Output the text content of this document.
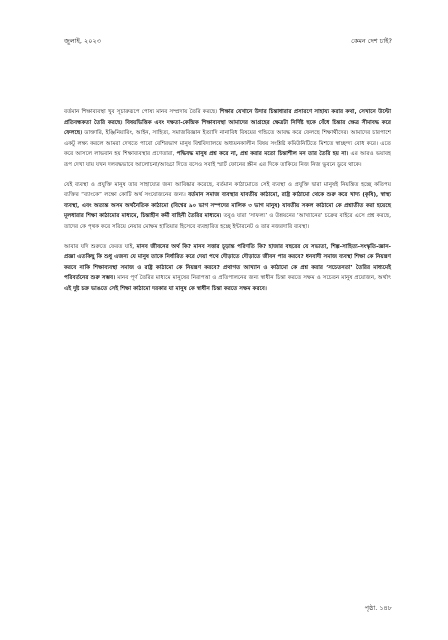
জুলাই, ২০২৩	কেমন দেশ চাই?

বর্তমান শিক্ষাব্যবস্থা খুব সূচারুরূপে পোষ্য মানব সম্প্রদায় তৈরি করছে। শিক্ষার যেখানে উদার চিন্তাধারার প্রসারণে সাহায্য করার কথা, সেখানে উল্টো প্রতিবন্ধকতা তৈরি করছে। বিষয়ভিত্তিক এবং দক্ষতা-কেন্দ্রিক শিক্ষাব্যবস্থা আমাদের আগ্রহের ক্ষেত্রটা নির্দিষ্ট ছকে বেঁধে চিন্তার ক্ষেত্র সীমাবদ্ধ করে ফেলছে। ডাক্তারি, ইঞ্জিনিয়ারিং, আইন, সাহিত্য, সমাজবিজ্ঞান ইত্যাদি নানাবিধ বিষয়ের গন্ডিতে আবদ্ধ করে ফেলছে শিক্ষার্থীদের। আমাদের চারপাশে একটু লক্ষ্য করলে আমরা দেখতে পাবো বেশিরভাগ মানুষ বিশ্ববিদ্যালয়ে অধ্যয়নকালীন বিষয় সংশ্লিষ্ট কমিউনিটিতে মিশতে স্বাচ্ছন্দ্য বোধ করে। এতে করে আসলে লাভবান হয় শিক্ষাব্যবস্থার প্রণেতারা, পদ্ধিবদ্ধ মানুষ প্রশ্ন করে না, প্রশ্ন করার মতো চিন্তাশীল মন তার তৈরি হয় না। এর আরও ভয়াবহ রূপ দেখা যায় যখন দলবদ্ধভাবে আলোচনা/আড্ডা দিতে বসেও সবাই স্মার্ট ফোনের স্ক্রীন এর দিকে তাকিয়ে নিজ নিজ ভুবনে ডুবে থাকে।

যেই ব্যবস্থা ও প্রযুক্তি মানুষ তার সাহায্যের জন্য আবিষ্কার করেছে, বর্তমান কাঠামোতে সেই ব্যবস্থা ও প্রযুক্তি দ্বারা মানুষই নিয়ন্ত্রিত হচ্ছে কতিপয় ব্যক্তির “ব্যাংকে” লক্ষো কোটি অর্থ সংযোজনের জন্য। বর্তমান সমাজ ব্যবস্থার যাবতীয় কাঠামো, রাষ্ট্র কাঠামো থেকে শুরু করে খাদ্য (কৃষি), স্বাস্থ্য ব্যবস্থা, এবং অত্যন্ত অসম অর্থনৈতিক কাঠামো (বিশ্বের ৯০ ভাগ সম্পদের মালিক ৩ ভাগ মানুষ) যাবতীয় সকল কাঠামো কে প্রশ্নাতীত করা হয়েছে মূলধারার শিক্ষা কাঠামোর মাধ্যমে, চিন্তাহীন কর্মী বাহিনী তৈরির মাধ্যমে। তবুও যারা ‘সাফল্য’ ও উন্নয়নের ‘আখ্যানের’ চক্রের বাইরে এসে প্রশ্ন করছে, তাদের কে পৃথক করে সরিয়ে নেয়ার মোক্ষম হাতিয়ার হিসেবে ব্যবহারিত হচ্ছে ইন্টারনেট ও তার নজরদারি ব্যবস্থা।

আবার যদি শুরুতে ফেরত যাই, মানব জীবনের অর্থ কি? মানব সত্তার চূড়ান্ত পরিণতি কি? হাজার বছরের যে সভ্যতা, শিল্প-সাহিত্য-সংস্কৃতি-জ্ঞান-প্রজ্ঞা এতকিছু কি শুধু এজন্য যে মানুষ তাকে নির্ধারিত করে দেয়া পথে দৌড়াতে দৌড়াতে জীবন পার করবে? ধনবাদী সমাজ ব্যবস্থা শিক্ষা কে নিয়ন্ত্রণ করবে নাকি শিক্ষাব্যবস্থা সমাজ ও রাষ্ট্র কাঠামো কে নিয়ন্ত্রণ করবে? প্রথাগত আখ্যান ও কাঠামো কে প্রশ্ন করার ‘সচেতনতা’ তৈরির মাধ্যমেই পরিবর্তনের শুরু সম্ভব। মানব পূর্ণ তৈরির মাধ্যমে মানুষের নিরাপত্তা ও প্রতিপালনের জন্য স্বাধীন চিন্তা করতে সক্ষম ও সচেতন মানুষ প্রয়োজন, অর্থাৎ এই দুষ্ট চক্র ভাঙতে সেই শিক্ষা কাঠামো দরকার যা মানুষ কে স্বাধীন চিন্তা করতে সক্ষম করবে।

পৃষ্ঠা. ১৪৮
